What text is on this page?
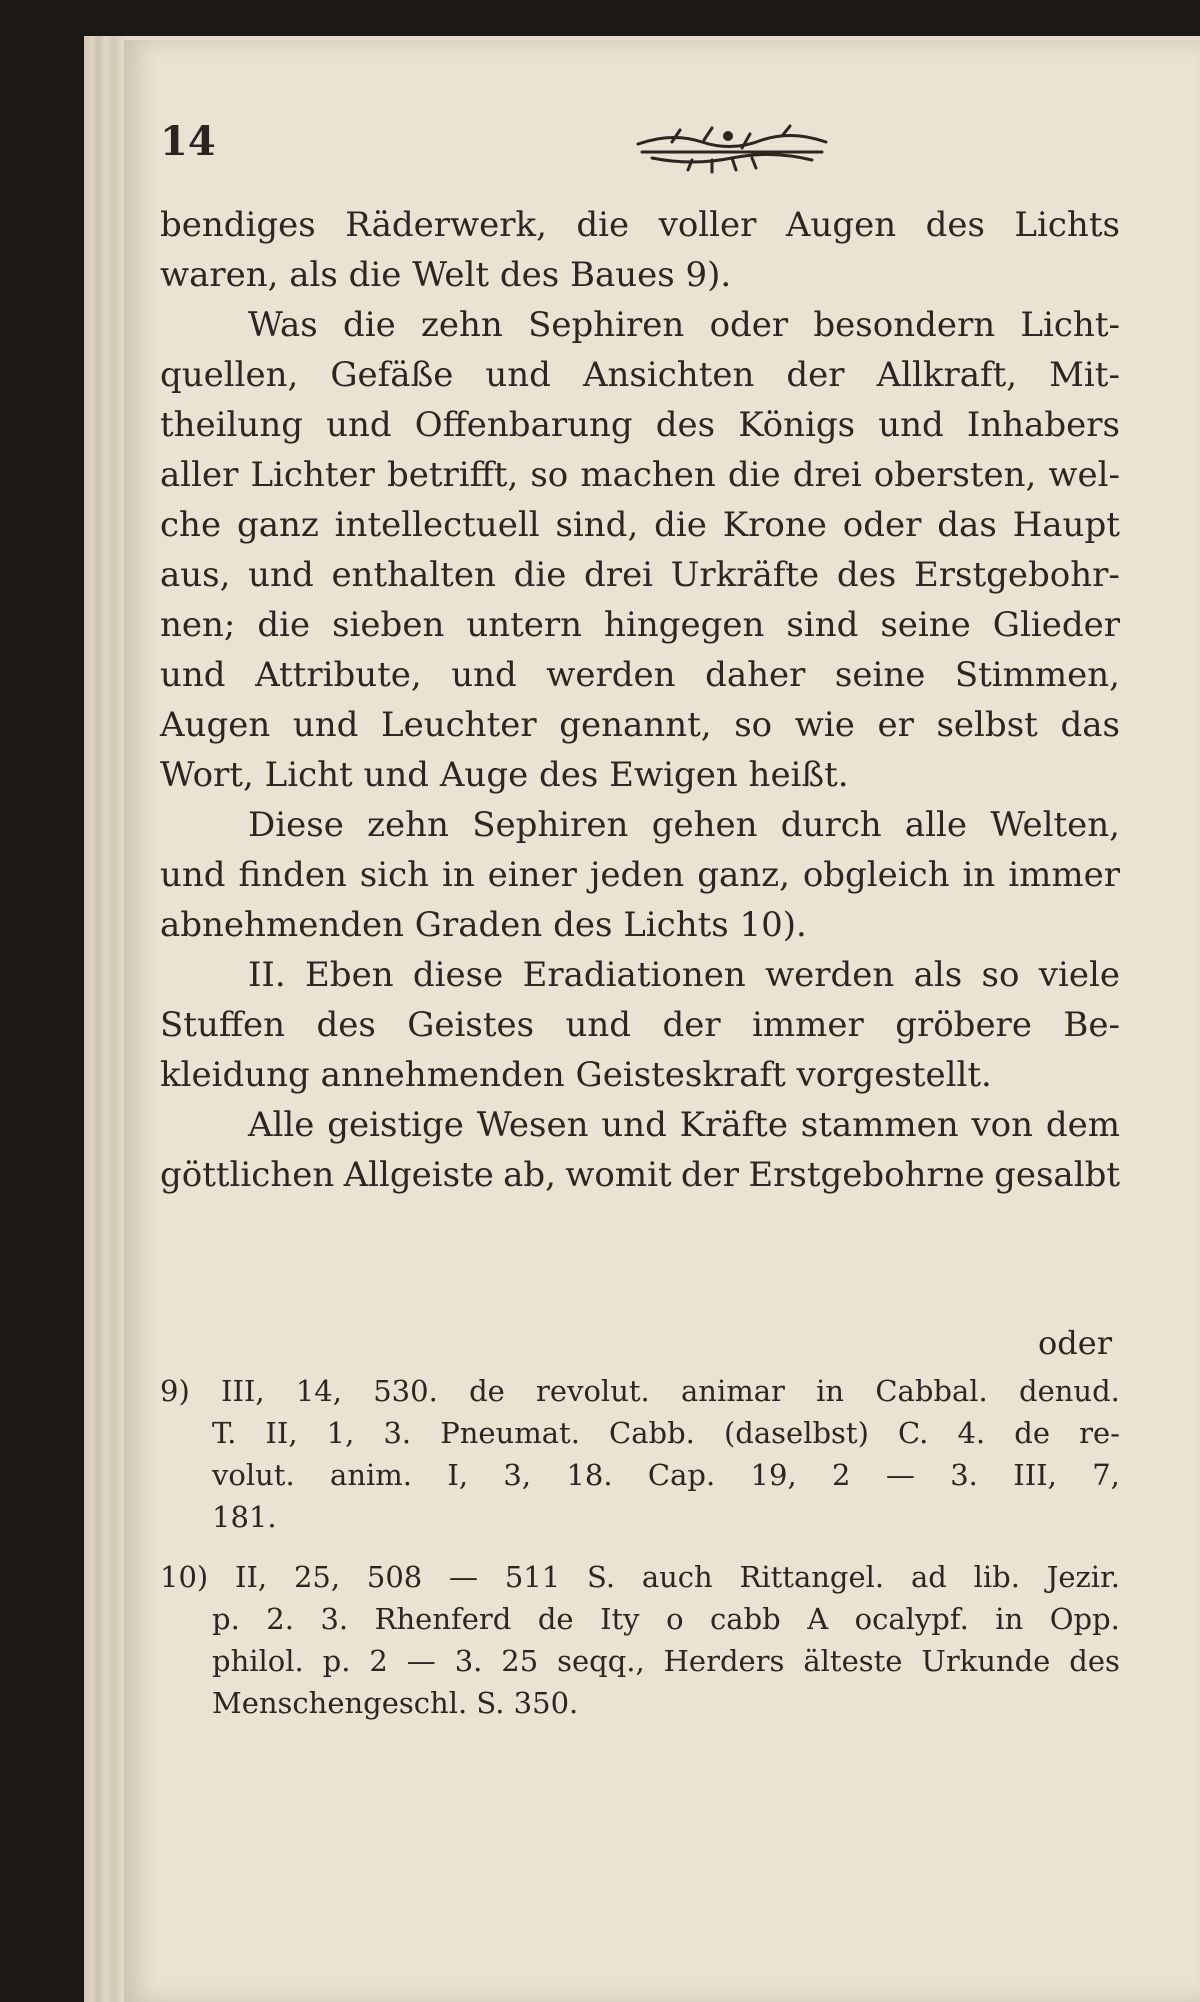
14
bendiges Räderwerk, die voller Augen des Lichts
waren, als die Welt des Baues 9).
Was die zehn Sephiren oder besondern Licht-
quellen, Gefäße und Ansichten der Allkraft, Mit-
theilung und Offenbarung des Königs und Inhabers
aller Lichter betrifft, so machen die drei obersten, wel-
che ganz intellectuell sind, die Krone oder das Haupt
aus, und enthalten die drei Urkräfte des Erstgebohr-
nen; die sieben untern hingegen sind seine Glieder
und Attribute, und werden daher seine Stimmen,
Augen und Leuchter genannt, so wie er selbst das
Wort, Licht und Auge des Ewigen heißt.
Diese zehn Sephiren gehen durch alle Welten,
und finden sich in einer jeden ganz, obgleich in immer
abnehmenden Graden des Lichts 10).
II. Eben diese Eradiationen werden als so viele
Stuffen des Geistes und der immer gröbere Be-
kleidung annehmenden Geisteskraft vorgestellt.
Alle geistige Wesen und Kräfte stammen von dem
göttlichen Allgeiste ab, womit der Erstgebohrne gesalbt
oder
9) III, 14, 530. de revolut. animar in Cabbal. denud.
T. II, 1, 3. Pneumat. Cabb. (daselbst) C. 4. de re-
volut. anim. I, 3, 18. Cap. 19, 2 — 3. III, 7,
181.
10) II, 25, 508 — 511 S. auch Rittangel. ad lib. Jezir.
p. 2. 3. Rhenferd de Ity o cabb A ocalypf. in Opp.
philol. p. 2 — 3. 25 seqq., Herders älteste Urkunde des
Menschengeschl. S. 350.
